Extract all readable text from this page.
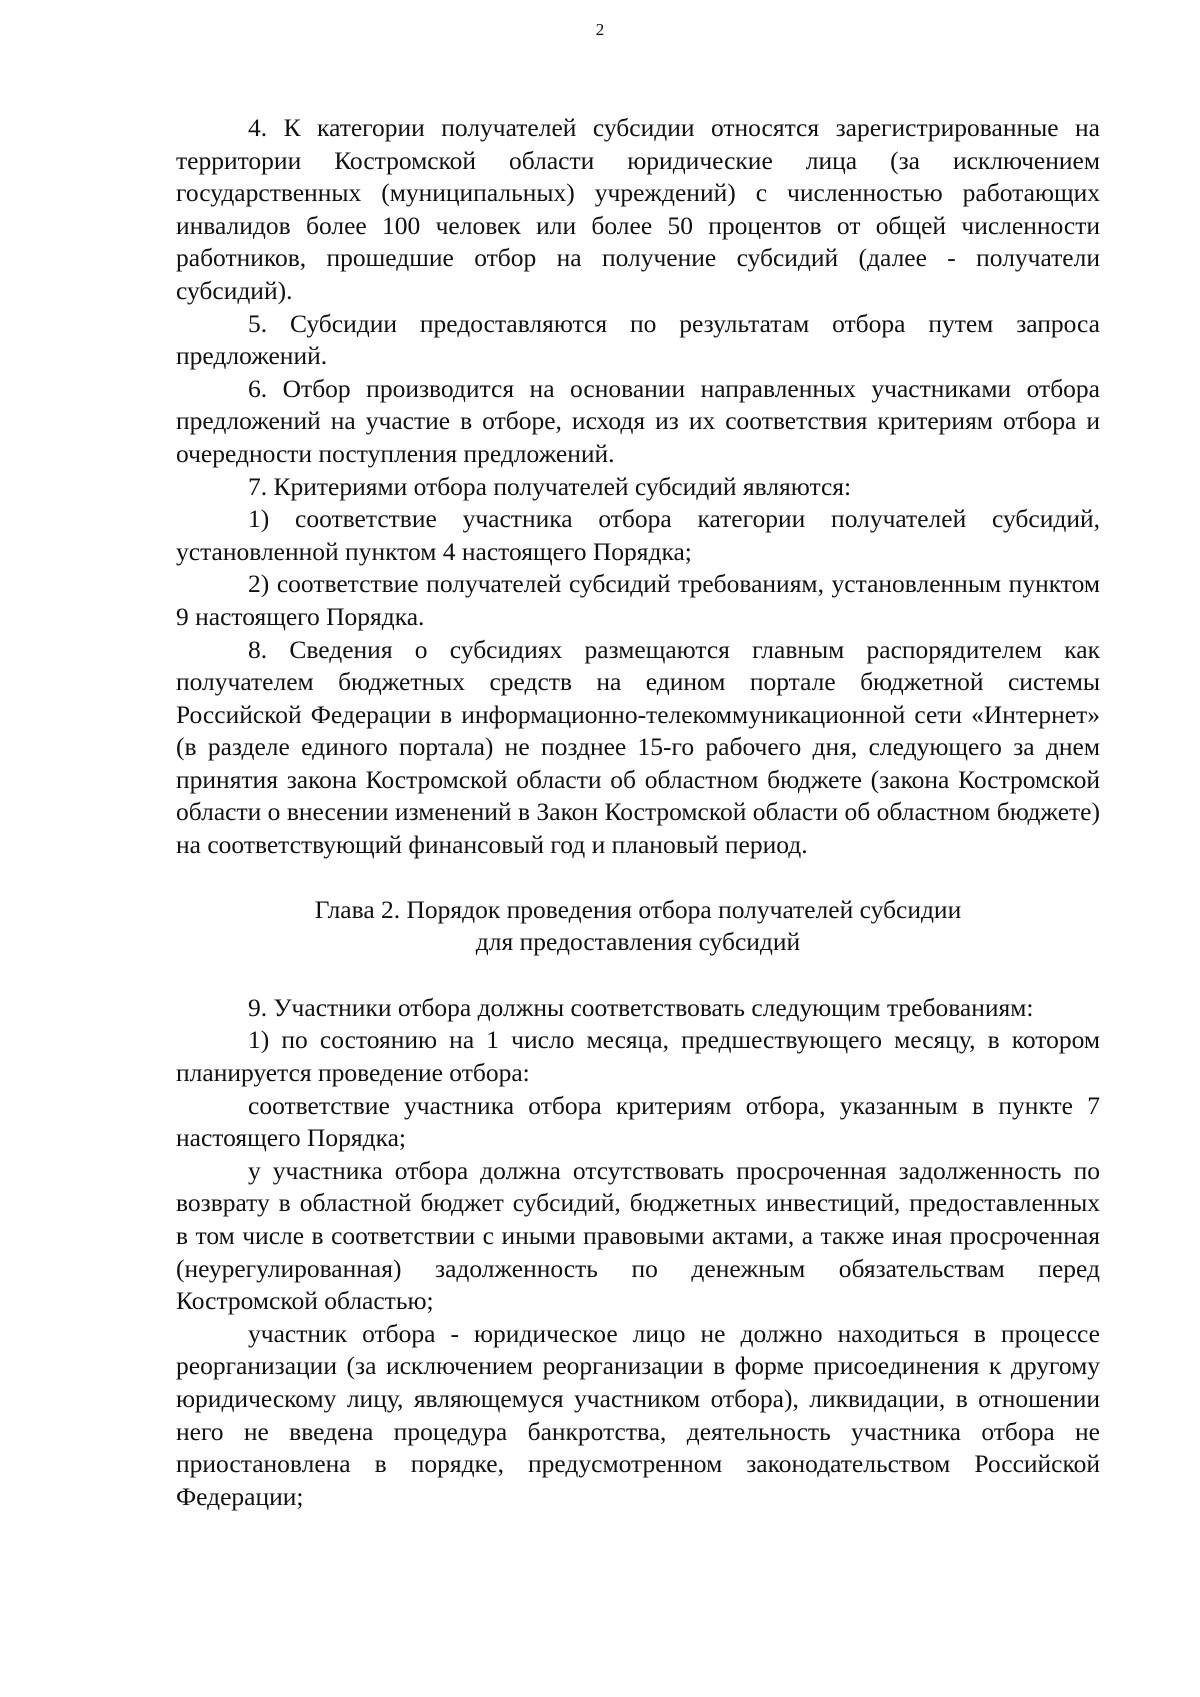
2

4. К категории получателей субсидии относятся зарегистрированные на территории Костромской области юридические лица (за исключением государственных (муниципальных) учреждений) с численностью работающих инвалидов более 100 человек или более 50 процентов от общей численности работников, прошедшие отбор на получение субсидий (далее - получатели субсидий).

5. Субсидии предоставляются по результатам отбора путем запроса предложений.

6. Отбор производится на основании направленных участниками отбора предложений на участие в отборе, исходя из их соответствия критериям отбора и очередности поступления предложений.

7. Критериями отбора получателей субсидий являются:

1) соответствие участника отбора категории получателей субсидий, установленной пунктом 4 настоящего Порядка;

2) соответствие получателей субсидий требованиям, установленным пунктом 9 настоящего Порядка.

8. Сведения о субсидиях размещаются главным распорядителем как получателем бюджетных средств на едином портале бюджетной системы Российской Федерации в информационно-телекоммуникационной сети «Интернет» (в разделе единого портала) не позднее 15-го рабочего дня, следующего за днем принятия закона Костромской области об областном бюджете (закона Костромской области о внесении изменений в Закон Костромской области об областном бюджете) на соответствующий финансовый год и плановый период.

Глава 2. Порядок проведения отбора получателей субсидии
для предоставления субсидий

9. Участники отбора должны соответствовать следующим требованиям:

1) по состоянию на 1 число месяца, предшествующего месяцу, в котором планируется проведение отбора:

соответствие участника отбора критериям отбора, указанным в пункте 7 настоящего Порядка;

у участника отбора должна отсутствовать просроченная задолженность по возврату в областной бюджет субсидий, бюджетных инвестиций, предоставленных в том числе в соответствии с иными правовыми актами, а также иная просроченная (неурегулированная) задолженность по денежным обязательствам перед Костромской областью;

участник отбора - юридическое лицо не должно находиться в процессе реорганизации (за исключением реорганизации в форме присоединения к другому юридическому лицу, являющемуся участником отбора), ликвидации, в отношении него не введена процедура банкротства, деятельность участника отбора не приостановлена в порядке, предусмотренном законодательством Российской Федерации;
